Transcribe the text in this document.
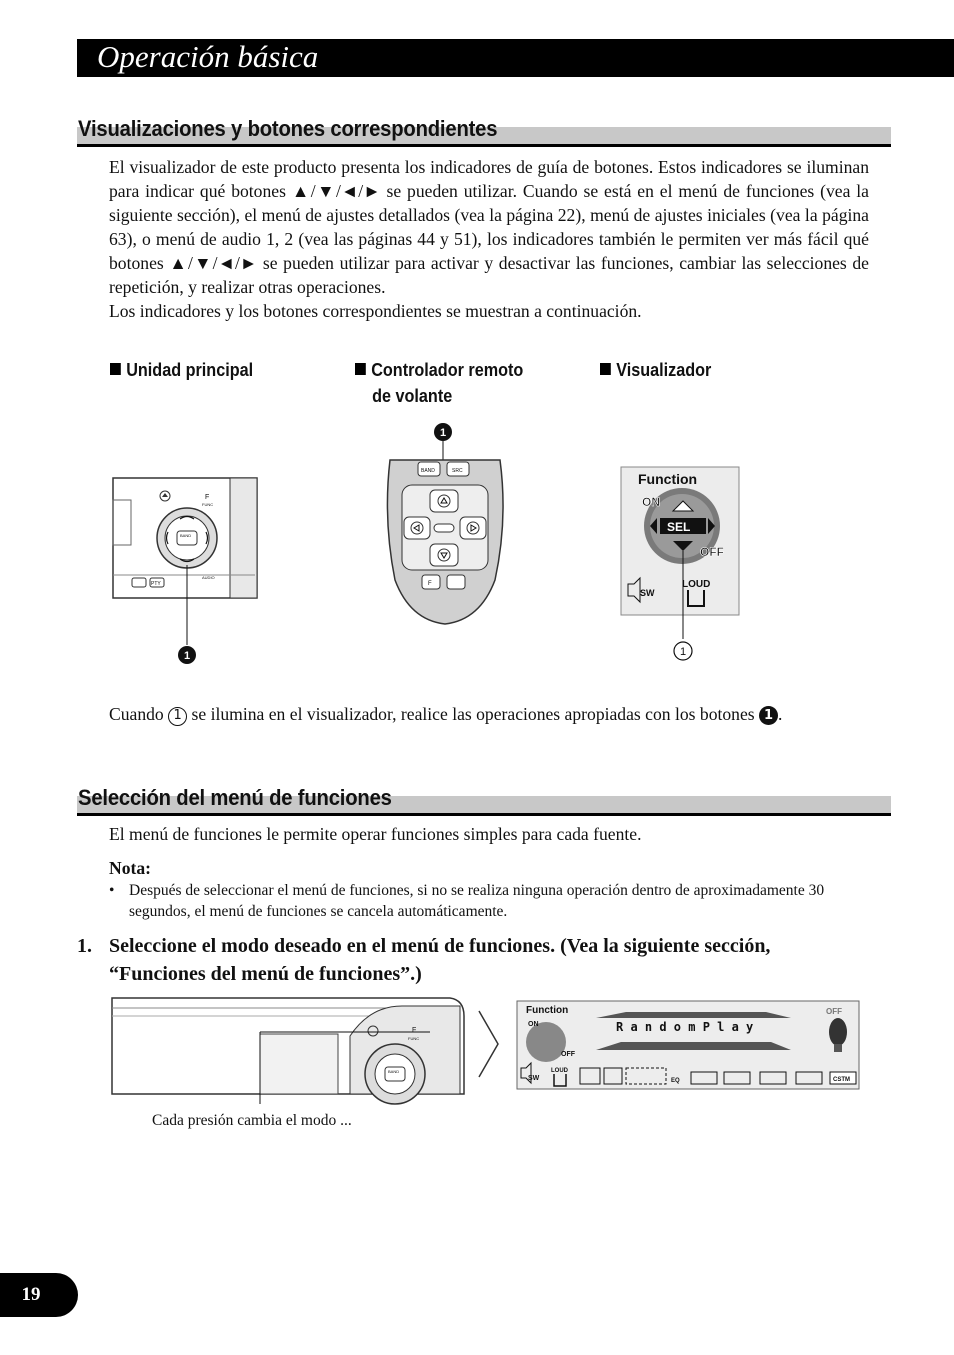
Operación básica
Visualizaciones y botones correspondientes

El visualizador de este producto presenta los indicadores de guía de botones. Estos indicadores se iluminan para indicar qué botones ▲/▼/◄/► se pueden utilizar. Cuando se está en el menú de funciones (vea la siguiente sección), el menú de ajustes detallados (vea la página 22), menú de ajustes iniciales (vea la página 63), o menú de audio 1, 2 (vea las páginas 44 y 51), los indicadores también le permiten ver más fácil qué botones ▲/▼/◄/► se pueden utilizar para activar y desactivar las funciones, cambiar las selecciones de repetición, y realizar otras operaciones.

Los indicadores y los botones correspondientes se muestran a continuación.

Unidad principal	Controlador remoto
de volante
Visualizador
F
FUNC
BAND
PTY
AUDIO
1
1
BAND	SRC
F
Function
ON
OFF
SEL
SW
LOUD
1

Cuando 1 se ilumina en el visualizador, realice las operaciones apropiadas con los botones 1 .

Selección del menú de funciones

El menú de funciones le permite operar funciones simples para cada fuente.

Nota:
• Después de seleccionar el menú de funciones, si no se realiza ninguna operación dentro de aproximadamente 30 segundos, el menú de funciones se cancela automáticamente.
1. Seleccione el modo deseado en el menú de funciones. (Vea la siguiente sección, “Funciones del menú de funciones”.)
F
FUNC
BAND
Function
ON
OFF
R a n d o m P l a y
OFF
SW
LOUD
EQ	CSTM
Cada presión cambia el modo ...
19
